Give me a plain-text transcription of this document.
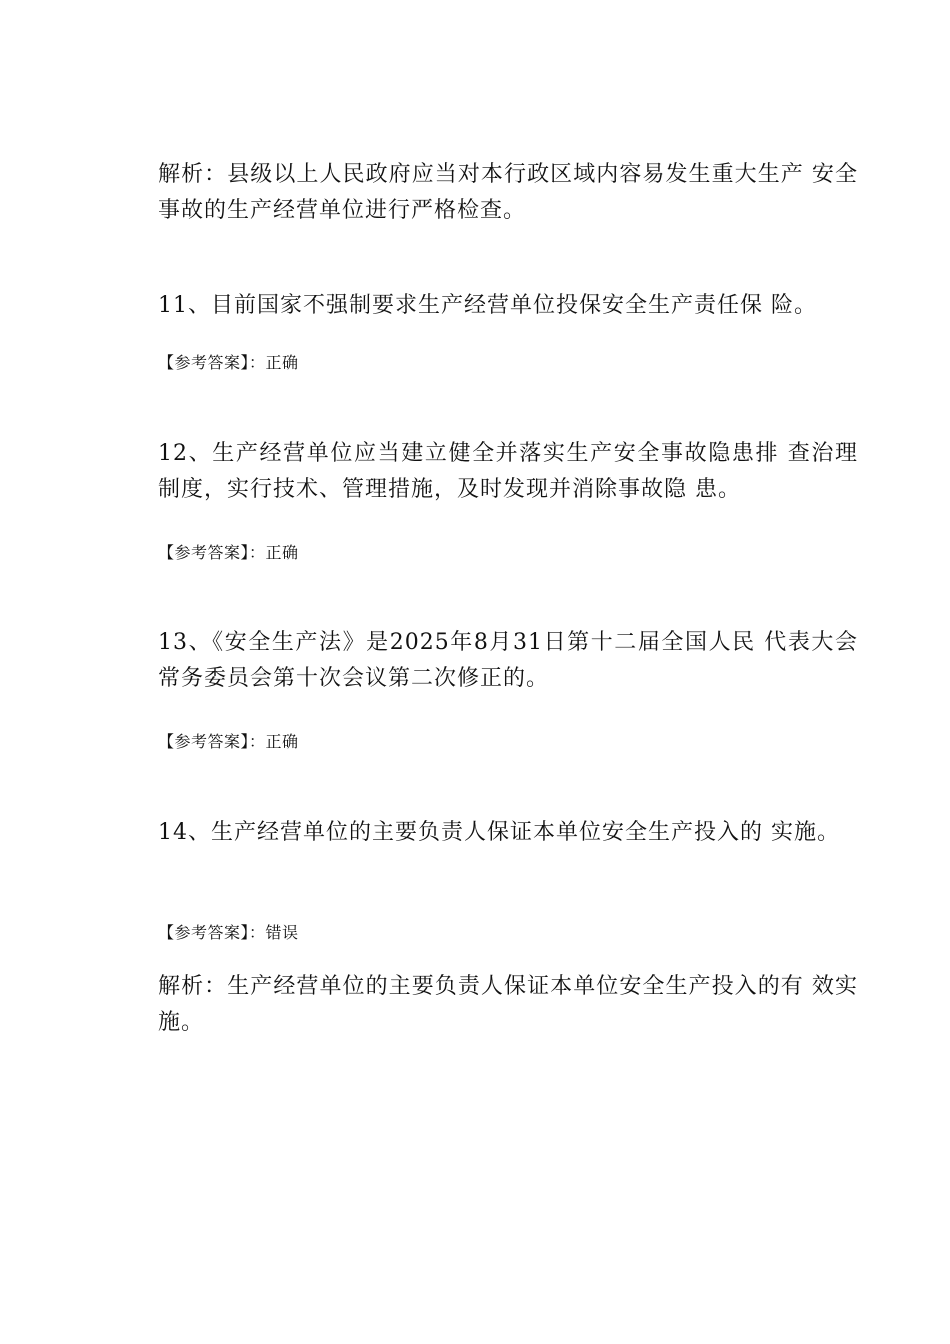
解析：县级以上人民政府应当对本行政区域内容易发生重大生产 安全事故的生产经营单位进行严格检查。

11、目前国家不强制要求生产经营单位投保安全生产责任保 险。

【参考答案】：正确

12、生产经营单位应当建立健全并落实生产安全事故隐患排 查治理制度，实行技术、管理措施，及时发现并消除事故隐 患。

【参考答案】：正确

13、《安全生产法》是2025年8月31日第十二届全国人民 代表大会常务委员会第十次会议第二次修正的。

【参考答案】：正确

14、生产经营单位的主要负责人保证本单位安全生产投入的 实施。

【参考答案】：错误

解析：生产经营单位的主要负责人保证本单位安全生产投入的有 效实施。
